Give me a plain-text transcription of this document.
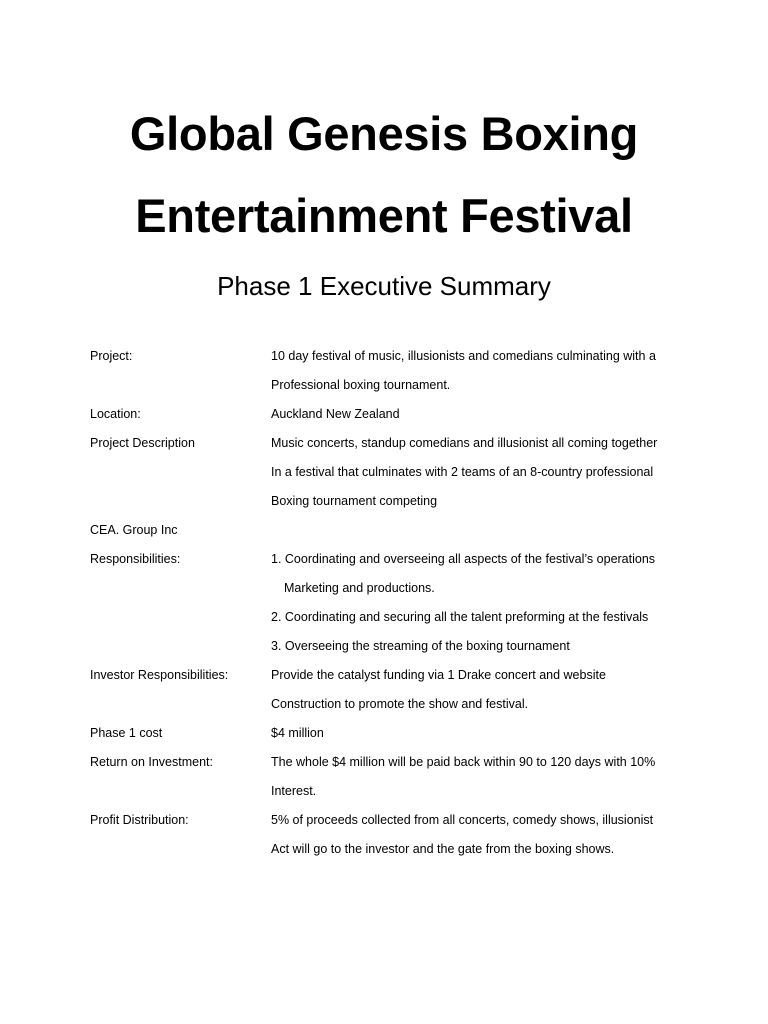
Global Genesis Boxing
Entertainment Festival
Phase 1 Executive Summary
Project:	10 day festival of music, illusionists and comedians culminating with a
Professional boxing tournament.
Location:	Auckland New Zealand
Project Description	Music concerts, standup comedians and illusionist all coming together
In a festival that culminates with 2 teams of an 8-country professional
Boxing tournament competing
CEA. Group Inc
Responsibilities:	1. Coordinating and overseeing all aspects of the festival’s operations
Marketing and productions.
2. Coordinating and securing all the talent preforming at the festivals
3. Overseeing the streaming of the boxing tournament
Investor Responsibilities:	Provide the catalyst funding via 1 Drake concert and website
Construction to promote the show and festival.
Phase 1 cost	$4 million
Return on Investment:	The whole $4 million will be paid back within 90 to 120 days with 10%
Interest.
Profit Distribution:	5% of proceeds collected from all concerts, comedy shows, illusionist
Act will go to the investor and the gate from the boxing shows.
